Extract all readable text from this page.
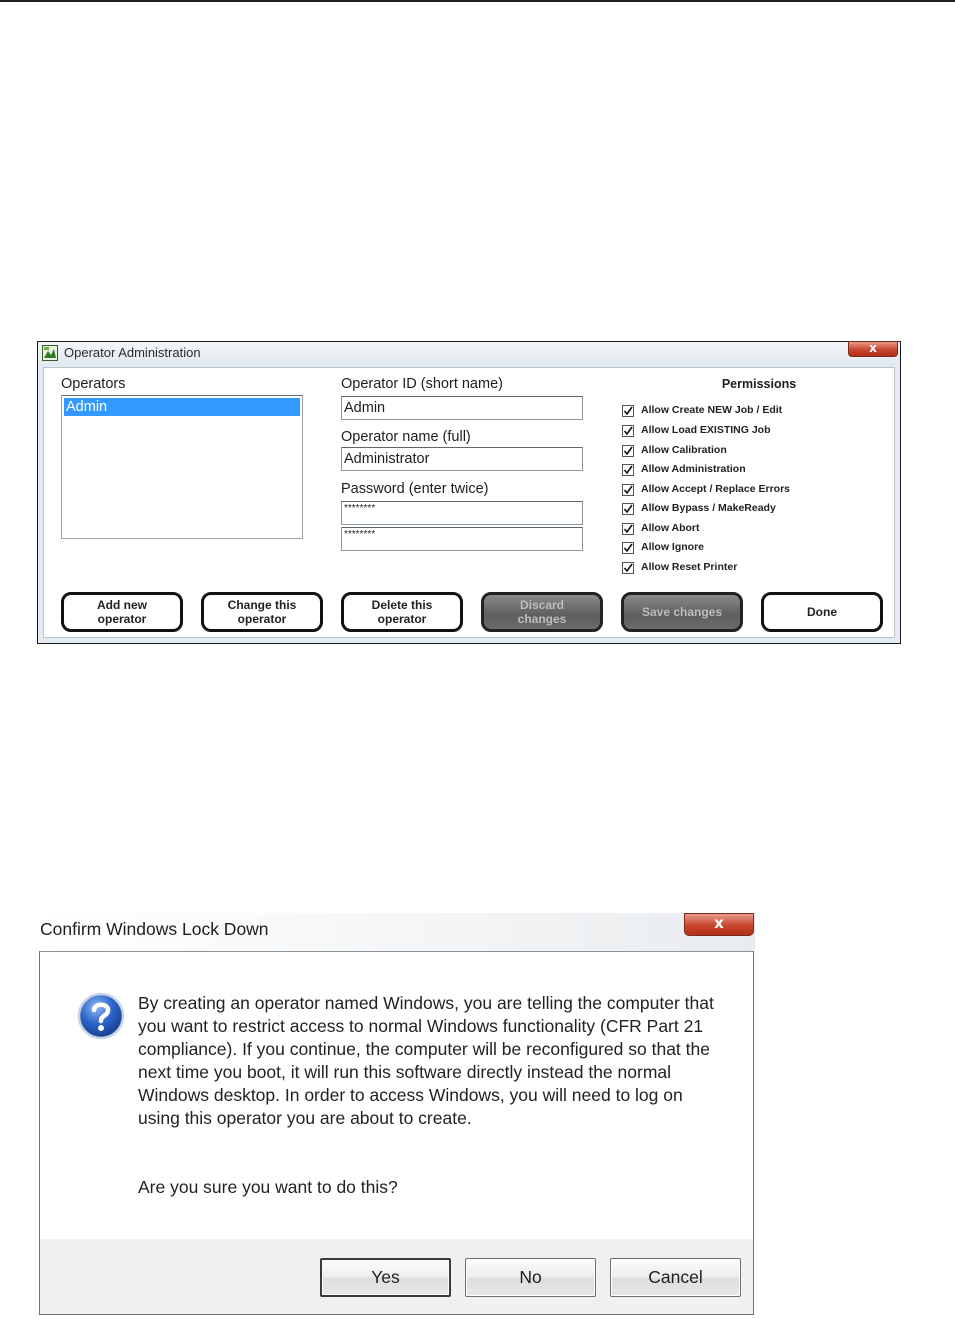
Operator Administration	x
Operators
Admin
Operator ID (short name)
Admin
Operator name (full)
Administrator
Password (enter twice)
********
********
Permissions
Allow Create NEW Job / Edit
Allow Load EXISTING Job
Allow Calibration
Allow Administration
Allow Accept / Replace Errors
Allow Bypass / MakeReady
Allow Abort
Allow Ignore
Allow Reset Printer
Add new operator
Change this operator
Delete this operator
Discard changes	Save changes	Done
Confirm Windows Lock Down	x

By creating an operator named Windows, you are telling the computer that you want to restrict access to normal Windows functionality (CFR Part 21 compliance). If you continue, the computer will be reconfigured so that the next time you boot, it will run this software directly instead the normal Windows desktop. In order to access Windows, you will need to log on using this operator you are about to create.

Are you sure you want to do this?
Yes	No	Cancel
